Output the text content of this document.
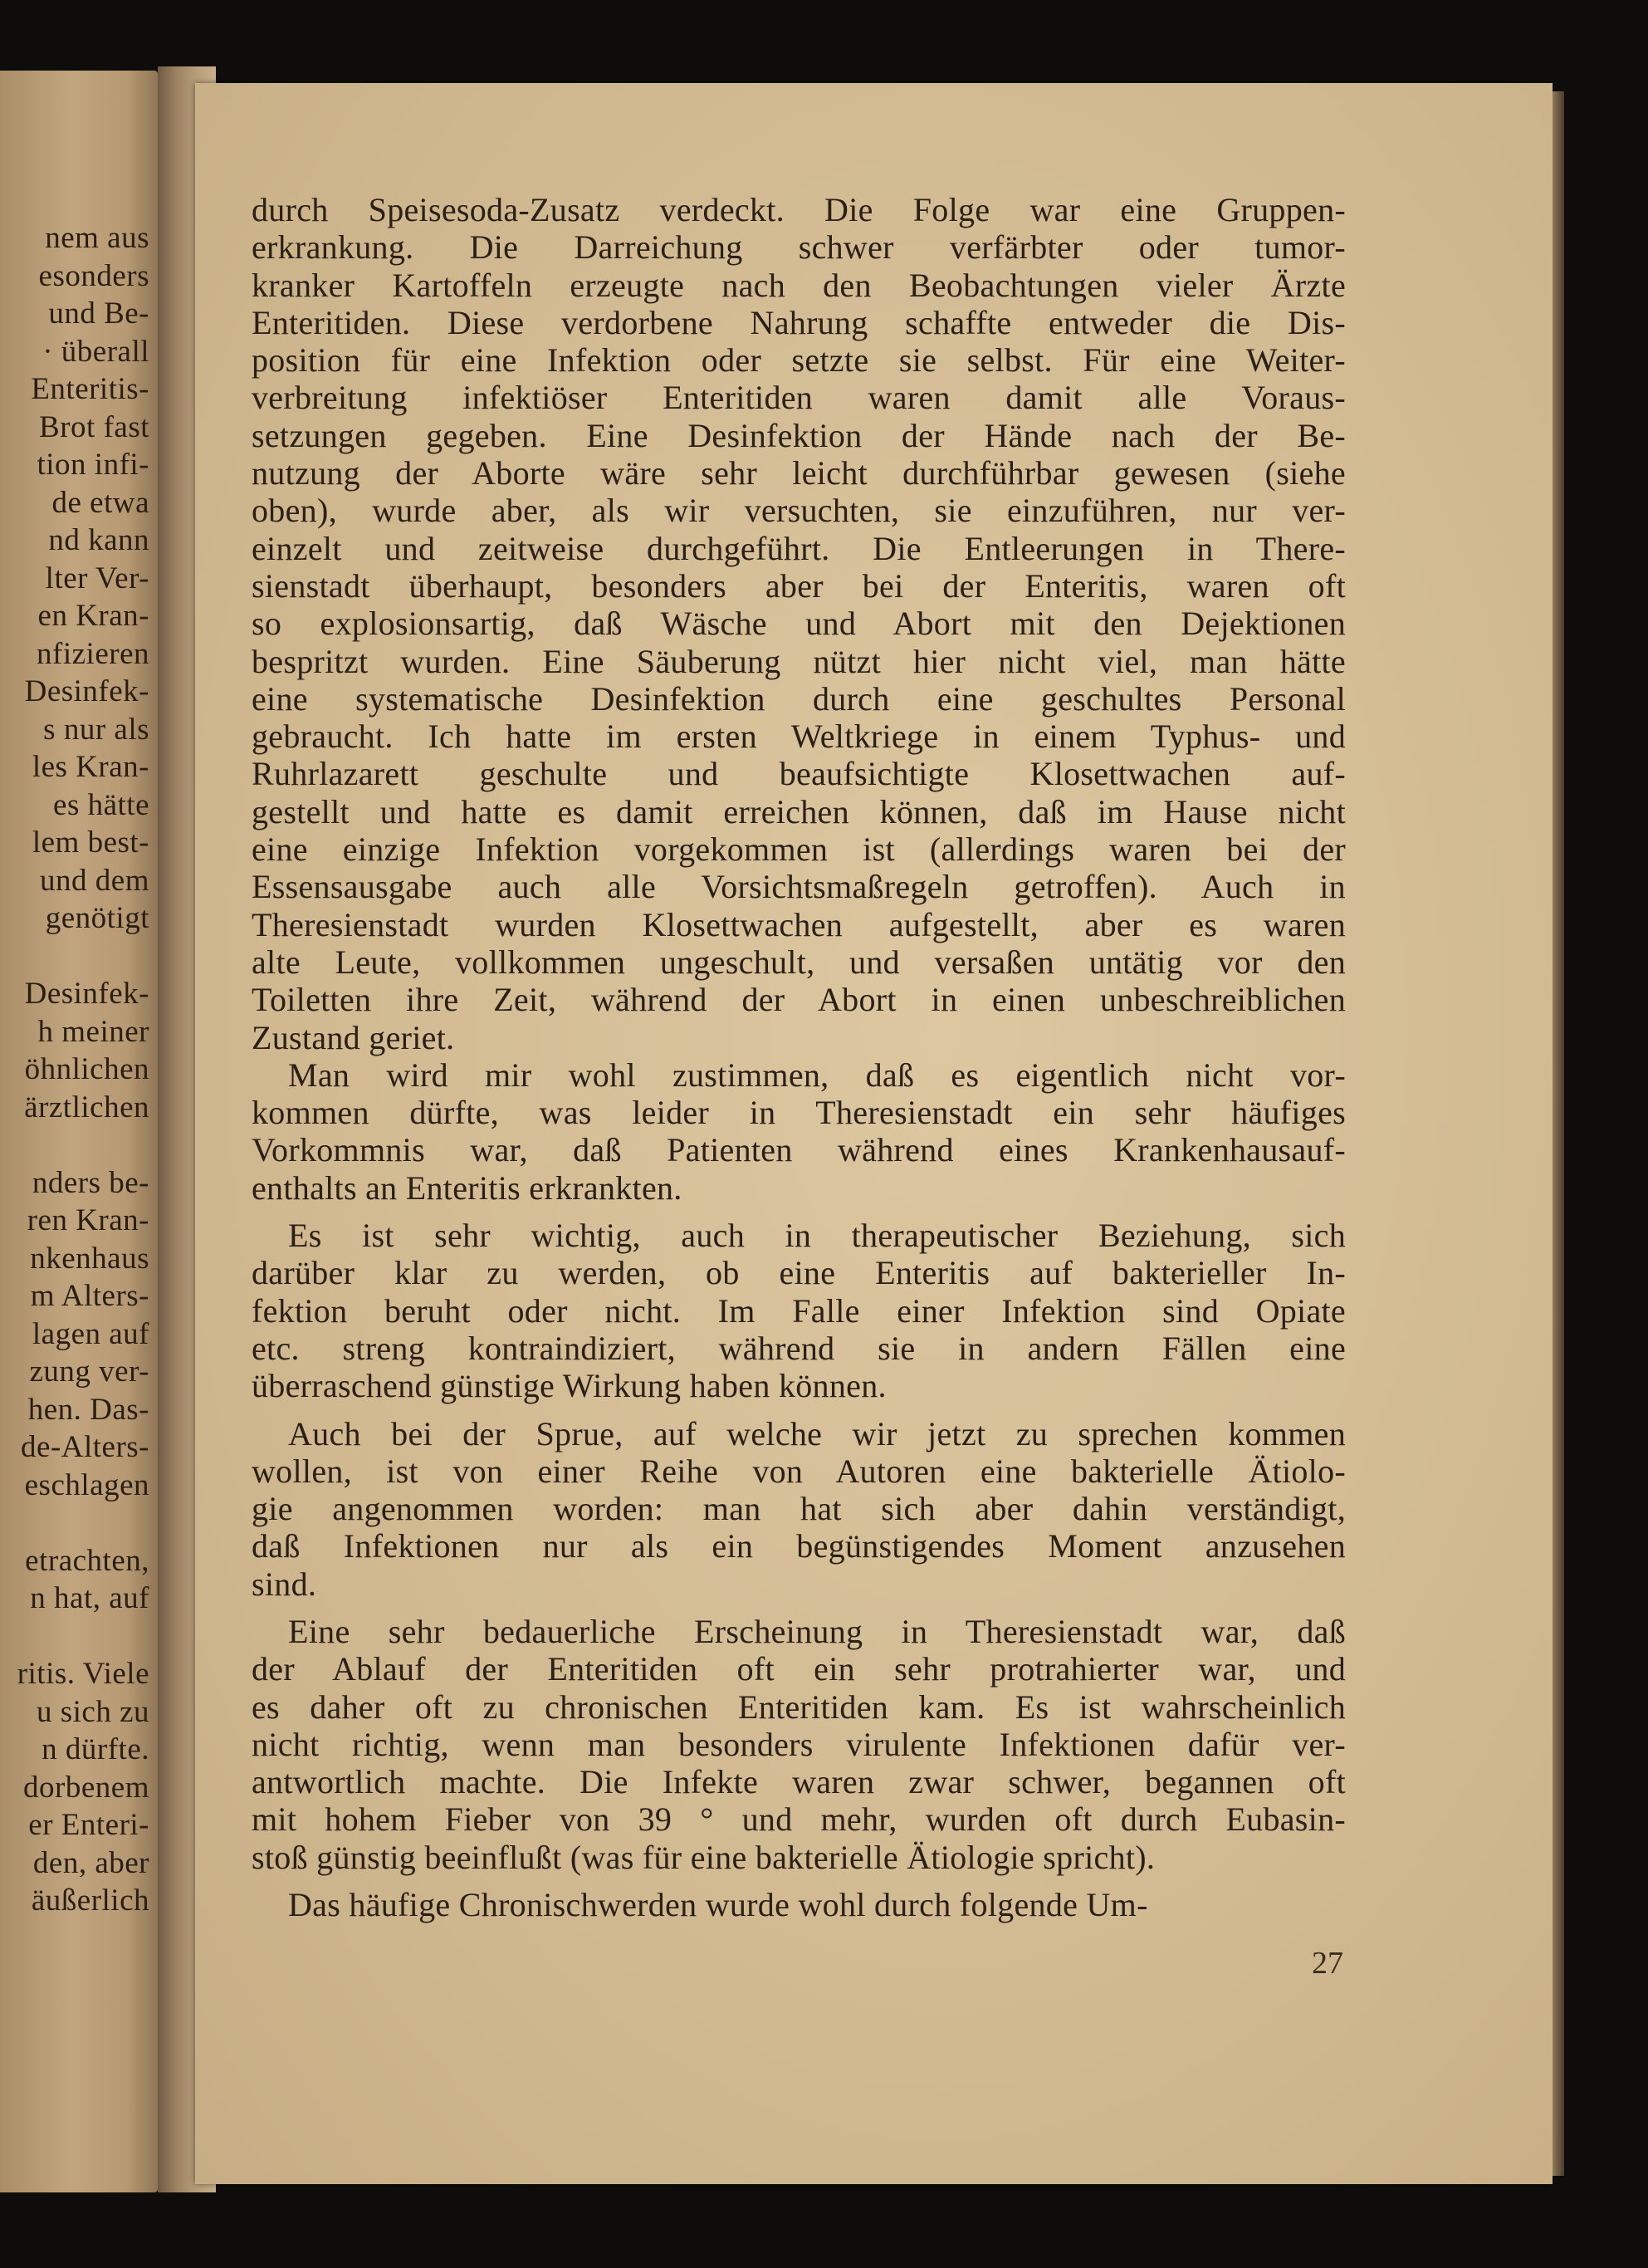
nem aus
esonders
und Be-
· überall
Enteritis-
Brot fast
tion infi-
de etwa
nd kann
lter Ver-
en Kran-
nfizieren
Desinfek-
s nur als
les Kran-
es hätte
lem best-
und dem
genötigt
Desinfek-
h meiner
öhnlichen
ärztlichen
nders be-
ren Kran-
nkenhaus
m Alters-
lagen auf
zung ver-
hen. Das-
de-Alters-
eschlagen
etrachten,
n hat, auf
ritis. Viele
u sich zu
n dürfte.
dorbenem
er Enteri-
den, aber
äußerlich
durch Speisesoda-Zusatz verdeckt. Die Folge war eine Gruppen-
erkrankung. Die Darreichung schwer verfärbter oder tumor-
kranker Kartoffeln erzeugte nach den Beobachtungen vieler Ärzte
Enteritiden. Diese verdorbene Nahrung schaffte entweder die Dis-
position für eine Infektion oder setzte sie selbst. Für eine Weiter-
verbreitung infektiöser Enteritiden waren damit alle Voraus-
setzungen gegeben. Eine Desinfektion der Hände nach der Be-
nutzung der Aborte wäre sehr leicht durchführbar gewesen (siehe
oben), wurde aber, als wir versuchten, sie einzuführen, nur ver-
einzelt und zeitweise durchgeführt. Die Entleerungen in There-
sienstadt überhaupt, besonders aber bei der Enteritis, waren oft
so explosionsartig, daß Wäsche und Abort mit den Dejektionen
bespritzt wurden. Eine Säuberung nützt hier nicht viel, man hätte
eine systematische Desinfektion durch eine geschultes Personal
gebraucht. Ich hatte im ersten Weltkriege in einem Typhus- und
Ruhrlazarett geschulte und beaufsichtigte Klosettwachen auf-
gestellt und hatte es damit erreichen können, daß im Hause nicht
eine einzige Infektion vorgekommen ist (allerdings waren bei der
Essensausgabe auch alle Vorsichtsmaßregeln getroffen). Auch in
Theresienstadt wurden Klosettwachen aufgestellt, aber es waren
alte Leute, vollkommen ungeschult, und versaßen untätig vor den
Toiletten ihre Zeit, während der Abort in einen unbeschreiblichen
Zustand geriet.
Man wird mir wohl zustimmen, daß es eigentlich nicht vor-
kommen dürfte, was leider in Theresienstadt ein sehr häufiges
Vorkommnis war, daß Patienten während eines Krankenhausauf-
enthalts an Enteritis erkrankten.
Es ist sehr wichtig, auch in therapeutischer Beziehung, sich
darüber klar zu werden, ob eine Enteritis auf bakterieller In-
fektion beruht oder nicht. Im Falle einer Infektion sind Opiate
etc. streng kontraindiziert, während sie in andern Fällen eine
überraschend günstige Wirkung haben können.
Auch bei der Sprue, auf welche wir jetzt zu sprechen kommen
wollen, ist von einer Reihe von Autoren eine bakterielle Ätiolo-
gie angenommen worden: man hat sich aber dahin verständigt,
daß Infektionen nur als ein begünstigendes Moment anzusehen
sind.
Eine sehr bedauerliche Erscheinung in Theresienstadt war, daß
der Ablauf der Enteritiden oft ein sehr protrahierter war, und
es daher oft zu chronischen Enteritiden kam. Es ist wahrscheinlich
nicht richtig, wenn man besonders virulente Infektionen dafür ver-
antwortlich machte. Die Infekte waren zwar schwer, begannen oft
mit hohem Fieber von 39 ° und mehr, wurden oft durch Eubasin-
stoß günstig beeinflußt (was für eine bakterielle Ätiologie spricht).
Das häufige Chronischwerden wurde wohl durch folgende Um-
27
